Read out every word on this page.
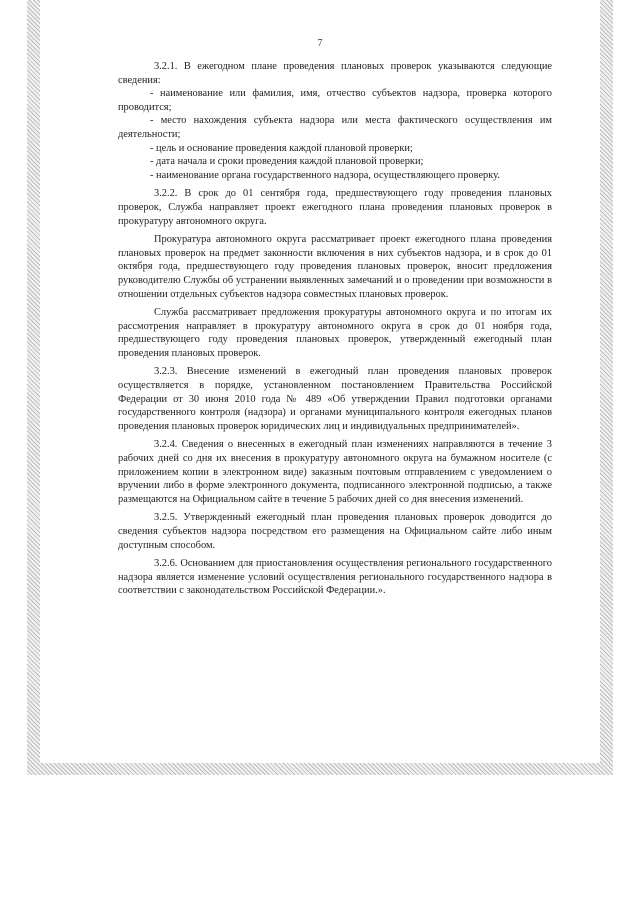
7

3.2.1. В ежегодном плане проведения плановых проверок указываются следующие сведения:

- наименование или фамилия, имя, отчество субъектов надзора, проверка которого проводится;

- место нахождения субъекта надзора или места фактического осуществления им деятельности;

- цель и основание проведения каждой плановой проверки;

- дата начала и сроки проведения каждой плановой проверки;

- наименование органа государственного надзора, осуществляющего проверку.

3.2.2. В срок до 01 сентября года, предшествующего году проведения плановых проверок, Служба направляет проект ежегодного плана проведения плановых проверок в прокуратуру автономного округа.

Прокуратура автономного округа рассматривает проект ежегодного плана проведения плановых проверок на предмет законности включения в них субъектов надзора, и в срок до 01 октября года, предшествующего году проведения плановых проверок, вносит предложения руководителю Службы об устранении выявленных замечаний и о проведении при возможности в отношении отдельных субъектов надзора совместных плановых проверок.

Служба рассматривает предложения прокуратуры автономного округа и по итогам их рассмотрения направляет в прокуратуру автономного округа в срок до 01 ноября года, предшествующего году проведения плановых проверок, утвержденный ежегодный план проведения плановых проверок.

3.2.3. Внесение изменений в ежегодный план проведения плановых проверок осуществляется в порядке, установленном постановлением Правительства Российской Федерации от 30 июня 2010 года № 489 «Об утверждении Правил подготовки органами государственного контроля (надзора) и органами муниципального контроля ежегодных планов проведения плановых проверок юридических лиц и индивидуальных предпринимателей».

3.2.4. Сведения о внесенных в ежегодный план изменениях направляются в течение 3 рабочих дней со дня их внесения в прокуратуру автономного округа на бумажном носителе (с приложением копии в электронном виде) заказным почтовым отправлением с уведомлением о вручении либо в форме электронного документа, подписанного электронной подписью, а также размещаются на Официальном сайте в течение 5 рабочих дней со дня внесения изменений.

3.2.5. Утвержденный ежегодный план проведения плановых проверок доводится до сведения субъектов надзора посредством его размещения на Официальном сайте либо иным доступным способом.

3.2.6. Основанием для приостановления осуществления регионального государственного надзора является изменение условий осуществления регионального государственного надзора в соответствии с законодательством Российской Федерации.».
